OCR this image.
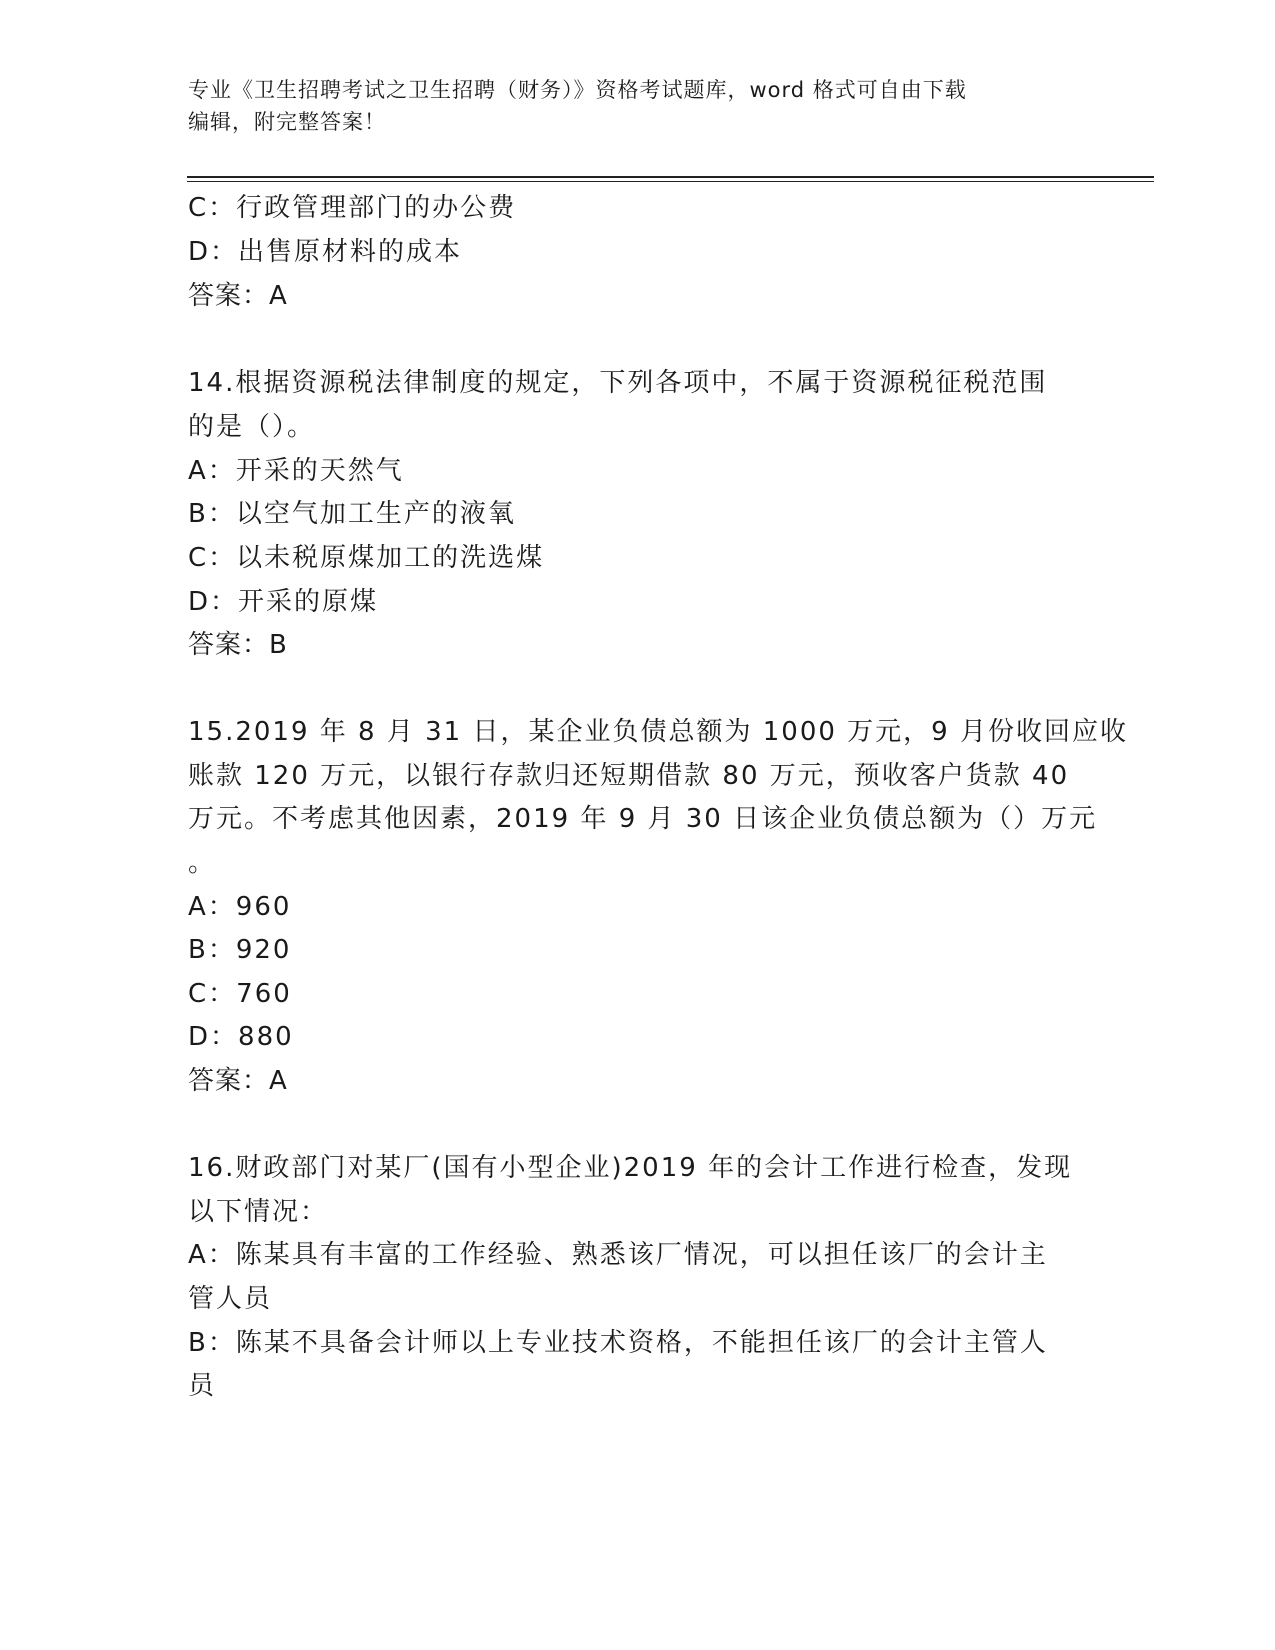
专业《卫生招聘考试之卫生招聘（财务）》资格考试题库，word 格式可自由下载
编辑，附完整答案！
C：行政管理部门的办公费
D：出售原材料的成本
答案：A
14.根据资源税法律制度的规定，下列各项中，不属于资源税征税范围
的是（）。
A：开采的天然气
B：以空气加工生产的液氧
C：以未税原煤加工的洗选煤
D：开采的原煤
答案：B
15.2019 年 8 月 31 日，某企业负债总额为 1000 万元，9 月份收回应收
账款 120 万元，以银行存款归还短期借款 80 万元，预收客户货款 40
万元。不考虑其他因素，2019 年 9 月 30 日该企业负债总额为（）万元
。
A：960
B：920
C：760
D：880
答案：A
16.财政部门对某厂(国有小型企业)2019 年的会计工作进行检查，发现
以下情况：
A：陈某具有丰富的工作经验、熟悉该厂情况，可以担任该厂的会计主
管人员
B：陈某不具备会计师以上专业技术资格，不能担任该厂的会计主管人
员
